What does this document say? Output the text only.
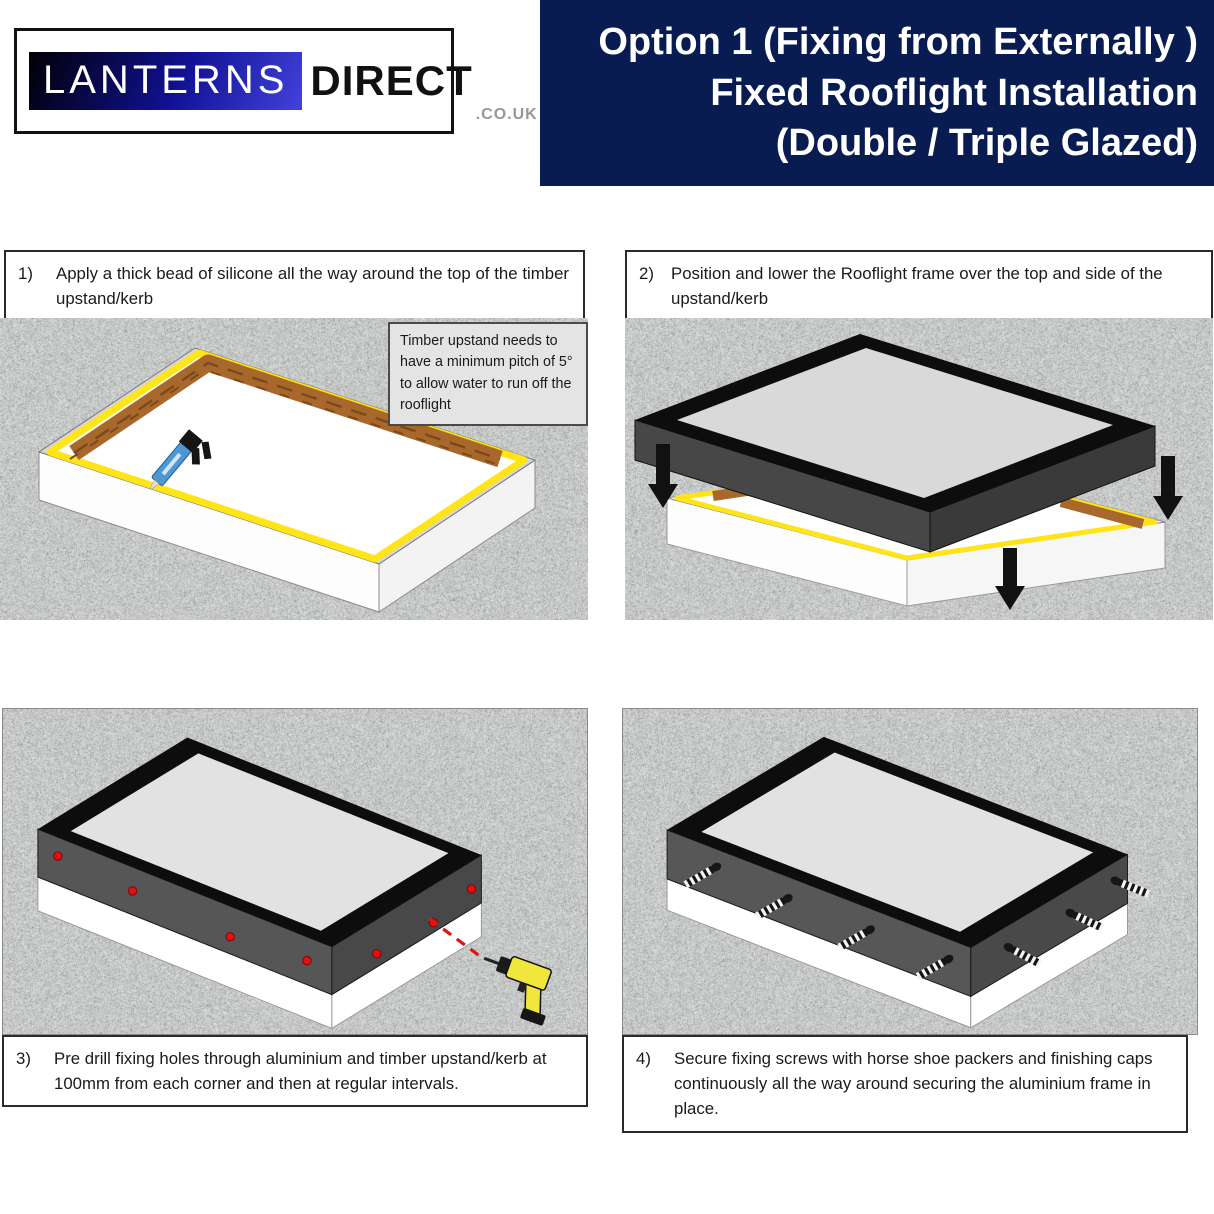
LANTERNS DIRECT
.CO.UK
Option 1 (Fixing from Externally )
Fixed Rooflight Installation
(Double / Triple Glazed)
1)	Apply a thick bead of silicone all the way around the top of the timber upstand/kerb
Timber upstand needs to have a minimum pitch of 5° to allow water to run off the rooflight
2)	Position and lower the Rooflight frame over the top and side of the upstand/kerb
3)	Pre drill fixing holes through aluminium and timber upstand/kerb at 100mm from each corner and then at regular intervals.
4)	Secure fixing screws with horse shoe packers and finishing caps continuously all the way around securing the aluminium frame in place.
